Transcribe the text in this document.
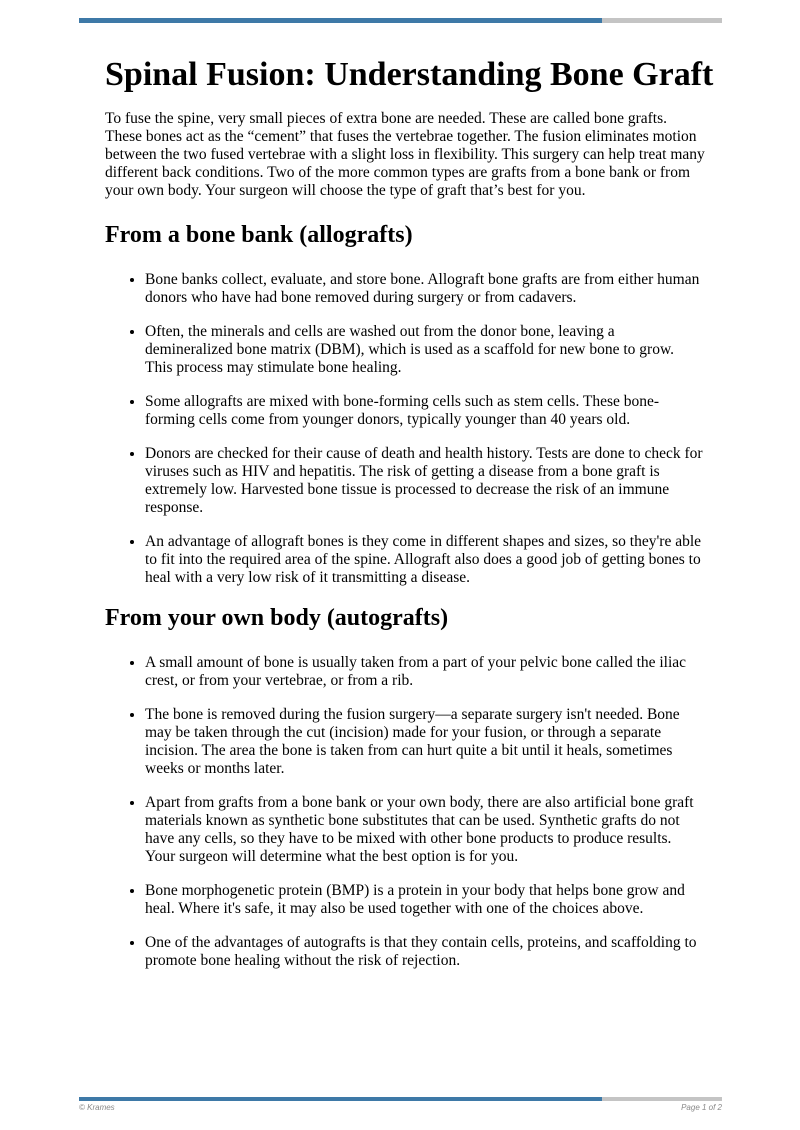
Spinal Fusion: Understanding Bone Graft

To fuse the spine, very small pieces of extra bone are needed. These are called bone grafts. These bones act as the “cement” that fuses the vertebrae together. The fusion eliminates motion between the two fused vertebrae with a slight loss in flexibility. This surgery can help treat many different back conditions. Two of the more common types are grafts from a bone bank or from your own body. Your surgeon will choose the type of graft that’s best for you.

From a bone bank (allografts)
• Bone banks collect, evaluate, and store bone. Allograft bone grafts are from either human donors who have had bone removed during surgery or from cadavers.
• Often, the minerals and cells are washed out from the donor bone, leaving a demineralized bone matrix (DBM), which is used as a scaffold for new bone to grow. This process may stimulate bone healing.
• Some allografts are mixed with bone-forming cells such as stem cells. These bone-forming cells come from younger donors, typically younger than 40 years old.
• Donors are checked for their cause of death and health history. Tests are done to check for viruses such as HIV and hepatitis. The risk of getting a disease from a bone graft is extremely low. Harvested bone tissue is processed to decrease the risk of an immune response.
• An advantage of allograft bones is they come in different shapes and sizes, so they're able to fit into the required area of the spine. Allograft also does a good job of getting bones to heal with a very low risk of it transmitting a disease.
From your own body (autografts)
• A small amount of bone is usually taken from a part of your pelvic bone called the iliac crest, or from your vertebrae, or from a rib.
• The bone is removed during the fusion surgery—a separate surgery isn't needed. Bone may be taken through the cut (incision) made for your fusion, or through a separate incision. The area the bone is taken from can hurt quite a bit until it heals, sometimes weeks or months later.
• Apart from grafts from a bone bank or your own body, there are also artificial bone graft materials known as synthetic bone substitutes that can be used. Synthetic grafts do not have any cells, so they have to be mixed with other bone products to produce results. Your surgeon will determine what the best option is for you.
• Bone morphogenetic protein (BMP) is a protein in your body that helps bone grow and heal. Where it's safe, it may also be used together with one of the choices above.
• One of the advantages of autografts is that they contain cells, proteins, and scaffolding to promote bone healing without the risk of rejection.
© Krames	Page 1 of 2
